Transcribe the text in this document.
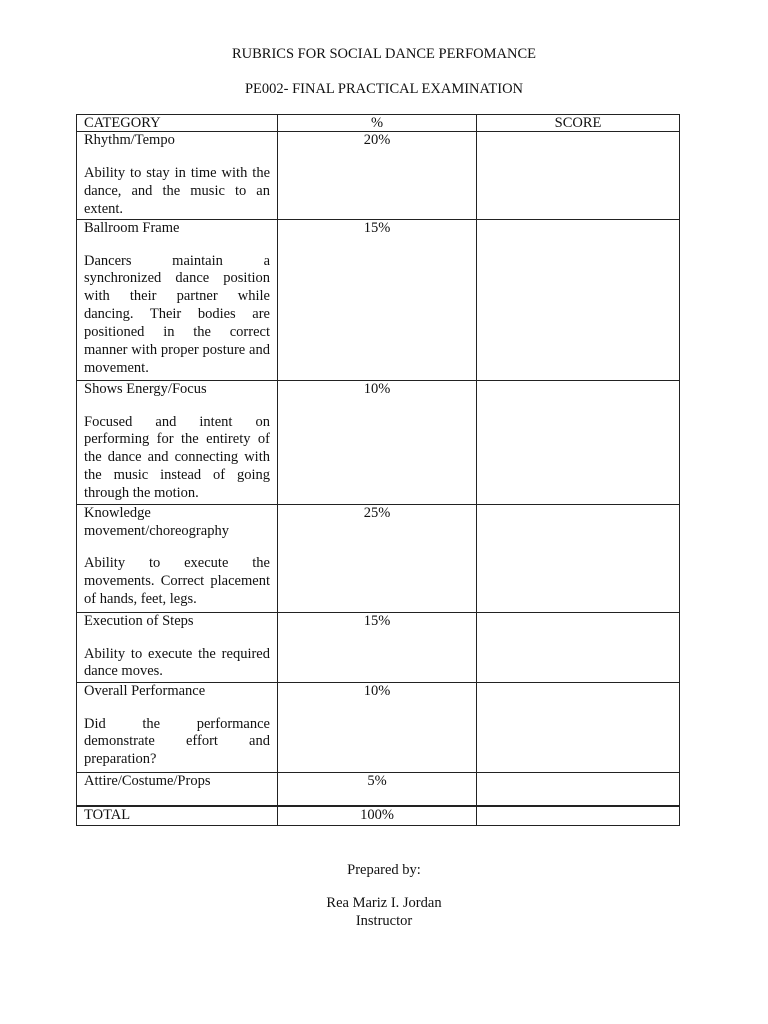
RUBRICS FOR SOCIAL DANCE PERFOMANCE
PE002- FINAL PRACTICAL EXAMINATION
CATEGORY	%	SCORE

Rhythm/Tempo
Ability to stay in time with the dance, and the music to an extent.	20%	

Ballroom Frame
Dancers maintain a synchronized dance position with their partner while dancing. Their bodies are positioned in the correct manner with proper posture and movement.	15%	

Shows Energy/Focus
Focused and intent on performing for the entirety of the dance and connecting with the music instead of going through the motion.	10%	

Knowledge movement/choreography
Ability to execute the movements. Correct placement of hands, feet, legs.	25%	

Execution of Steps
Ability to execute the required dance moves.	15%	

Overall Performance
Did the performance demonstrate effort and preparation?	10%	

Attire/Costume/Props	5%	
TOTAL	100%	
Prepared by:
Rea Mariz I. Jordan
Instructor
